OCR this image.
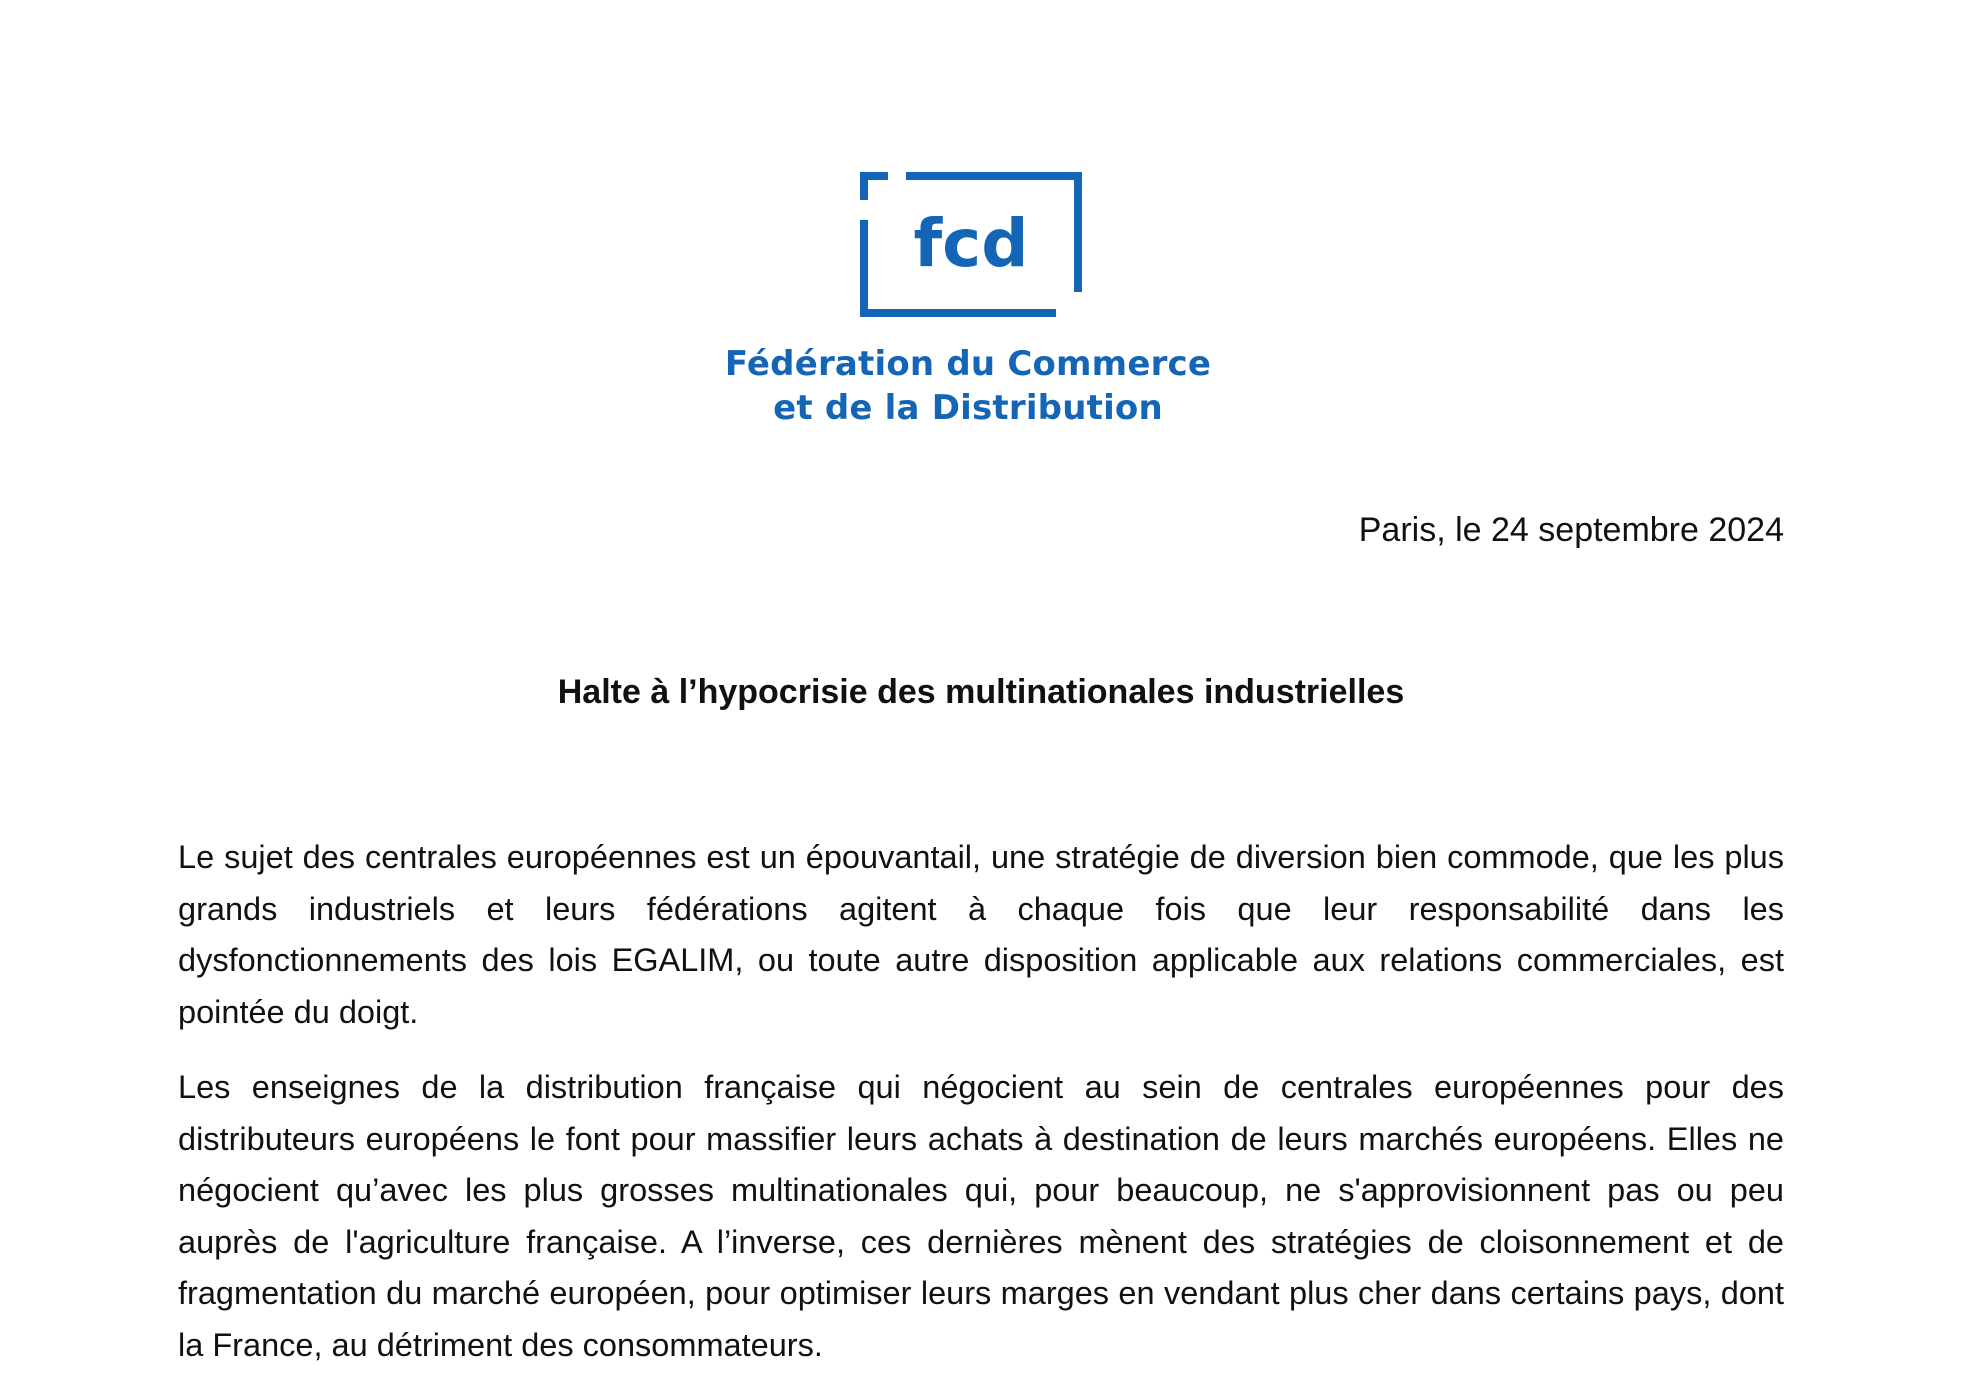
fcd
Fédération du Commerce
et de la Distribution
Paris, le 24 septembre 2024
Halte à l’hypocrisie des multinationales industrielles

Le sujet des centrales européennes est un épouvantail, une stratégie de diversion bien commode, que les plus grands industriels et leurs fédérations agitent à chaque fois que leur responsabilité dans les dysfonctionnements des lois EGALIM, ou toute autre disposition applicable aux relations commerciales, est pointée du doigt.

Les enseignes de la distribution française qui négocient au sein de centrales européennes pour des distributeurs européens le font pour massifier leurs achats à destination de leurs marchés européens. Elles ne négocient qu’avec les plus grosses multinationales qui, pour beaucoup, ne s'approvisionnent pas ou peu auprès de l'agriculture française. A l’inverse, ces dernières mènent des stratégies de cloisonnement et de fragmentation du marché européen, pour optimiser leurs marges en vendant plus cher dans certains pays, dont la France, au détriment des consommateurs.
